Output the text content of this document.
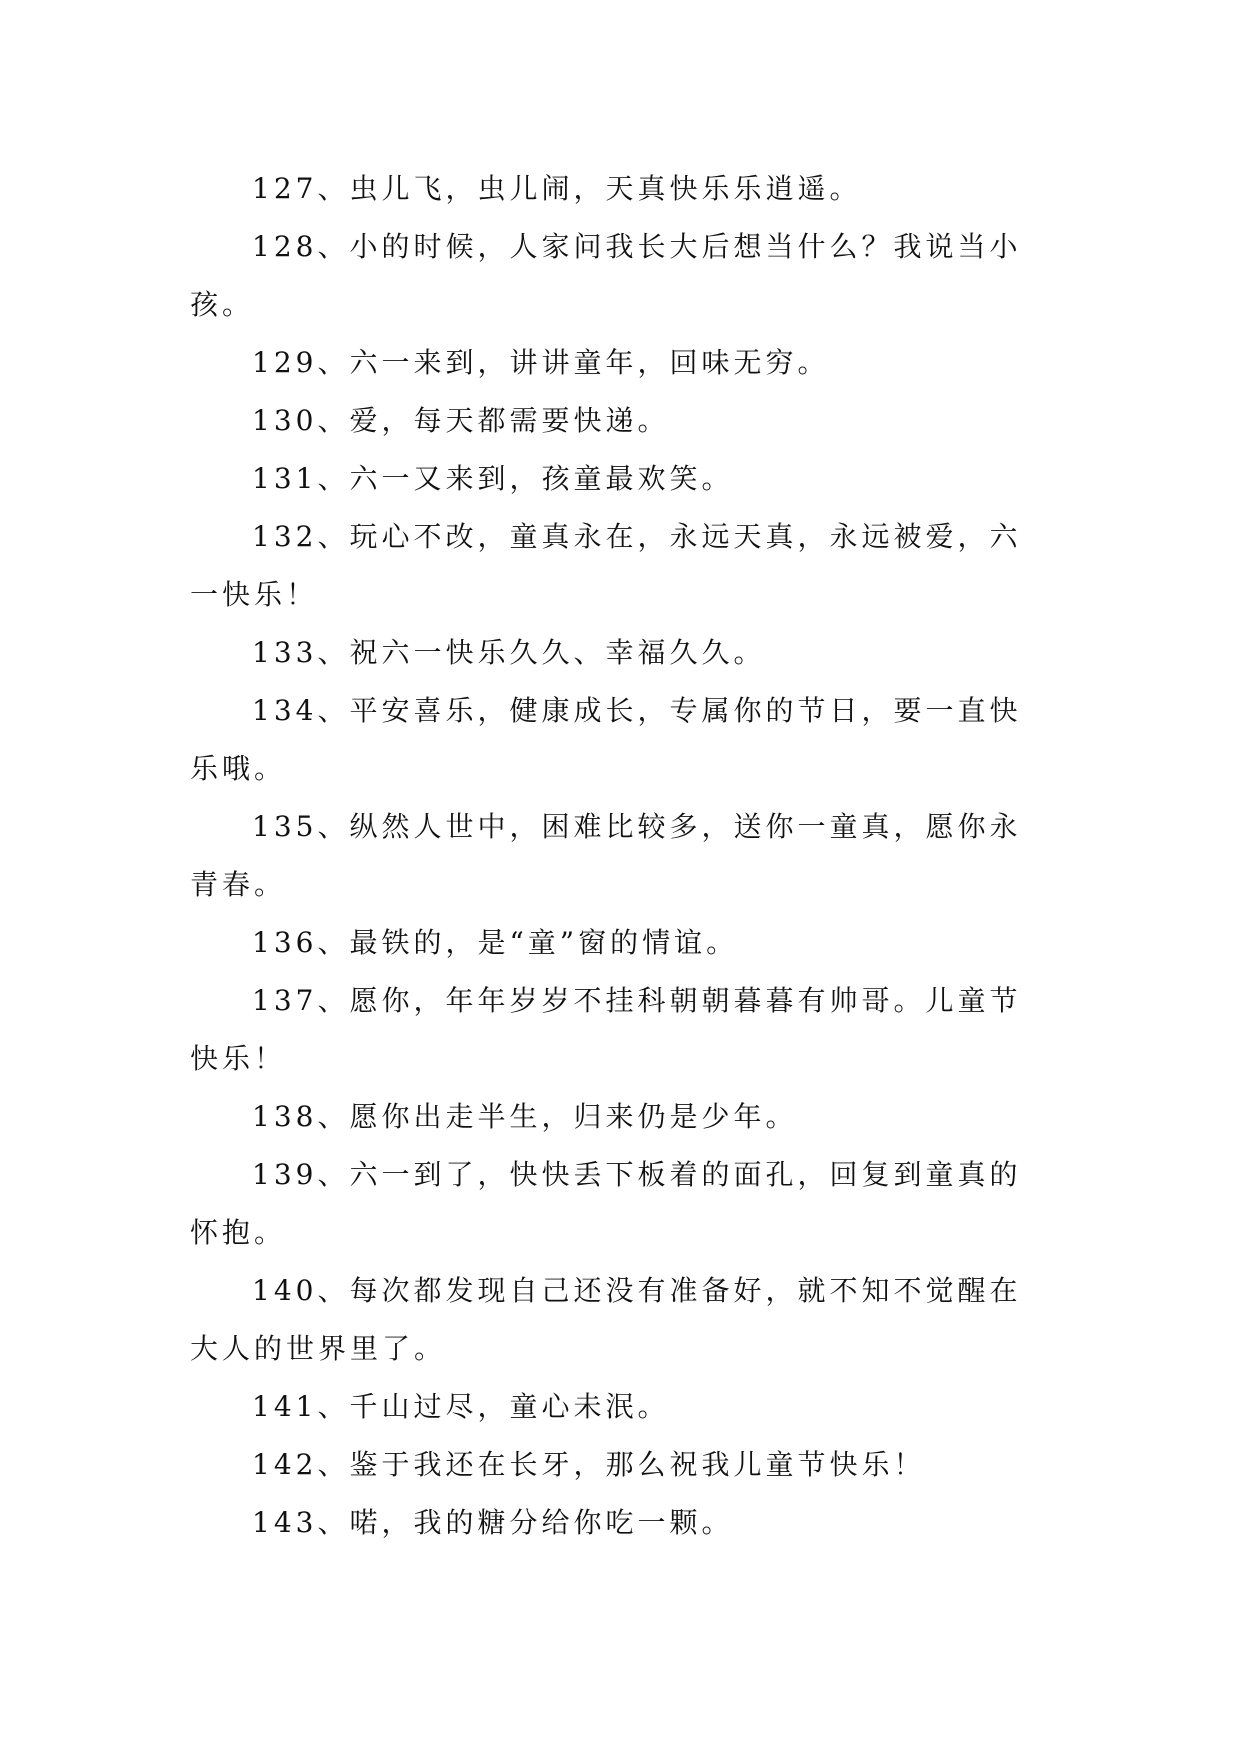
127、虫儿飞，虫儿闹，天真快乐乐逍遥。

128、小的时候，人家问我长大后想当什么？我说当小孩。

129、六一来到，讲讲童年，回味无穷。

130、爱，每天都需要快递。

131、六一又来到，孩童最欢笑。

132、玩心不改，童真永在，永远天真，永远被爱，六一快乐！

133、祝六一快乐久久、幸福久久。

134、平安喜乐，健康成长，专属你的节日，要一直快乐哦。

135、纵然人世中，困难比较多，送你一童真，愿你永青春。

136、最铁的，是“童”窗的情谊。

137、愿你，年年岁岁不挂科朝朝暮暮有帅哥。儿童节快乐！

138、愿你出走半生，归来仍是少年。

139、六一到了，快快丢下板着的面孔，回复到童真的怀抱。

140、每次都发现自己还没有准备好，就不知不觉醒在大人的世界里了。

141、千山过尽，童心未泯。

142、鉴于我还在长牙，那么祝我儿童节快乐！

143、喏，我的糖分给你吃一颗。
